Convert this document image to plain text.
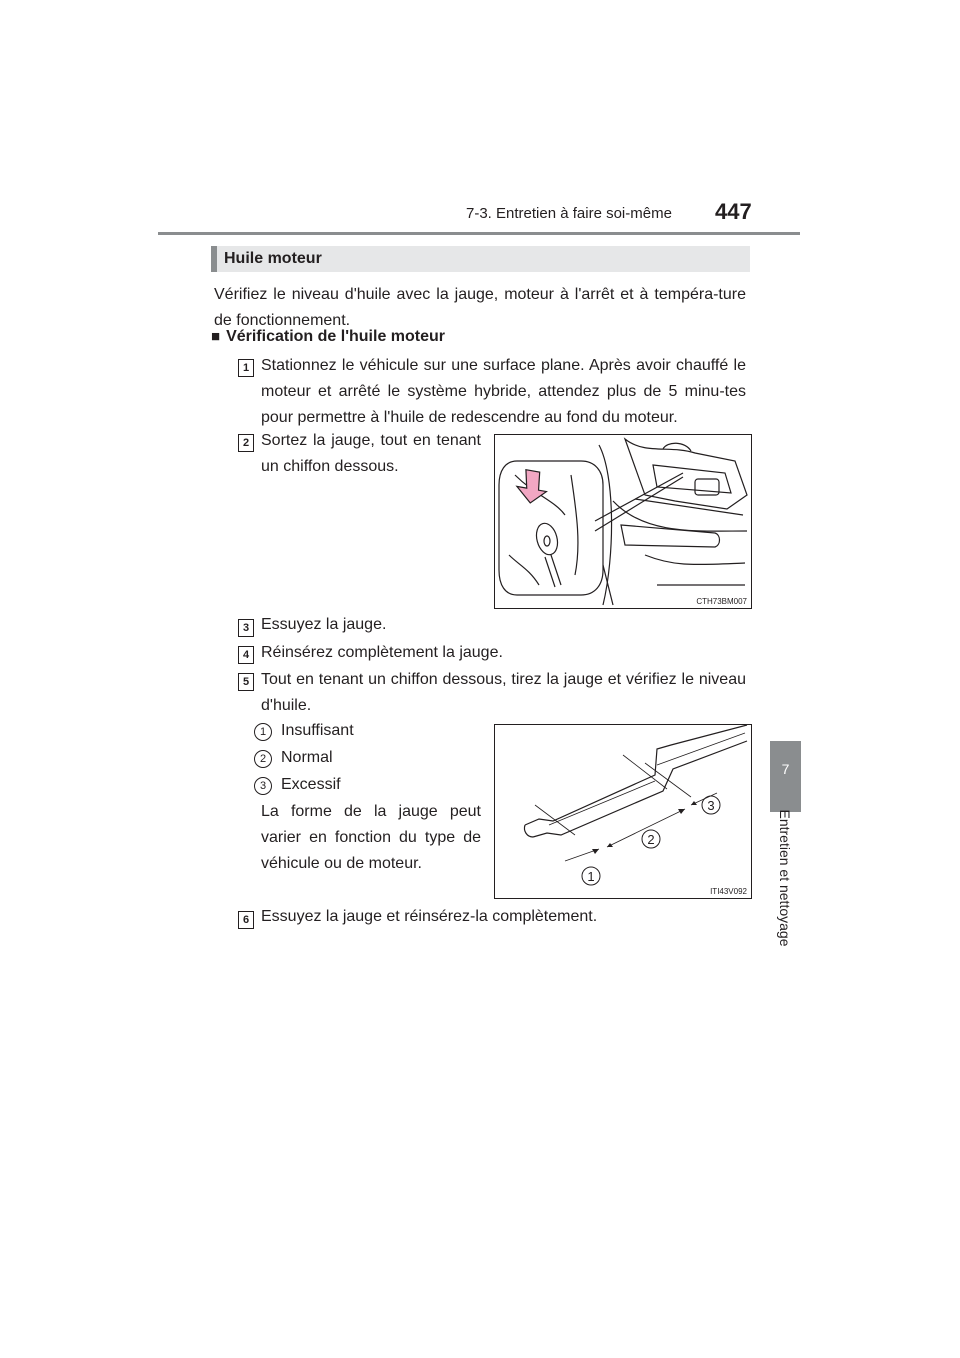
7-3. Entretien à faire soi-même 447
7
Entretien et nettoyage
Huile moteur
Vérifiez le niveau d'huile avec la jauge, moteur à l'arrêt et à tempéra-ture de fonctionnement.
■ Vérification de l'huile moteur
1 Stationnez le véhicule sur une surface plane. Après avoir chauffé le moteur et arrêté le système hybride, attendez plus de 5 minu-tes pour permettre à l'huile de redescendre au fond du moteur.
2 Sortez la jauge, tout en tenant un chiffon dessous.
CTH73BM007
3 Essuyez la jauge.
4 Réinsérez complètement la jauge.
5 Tout en tenant un chiffon dessous, tirez la jauge et vérifiez le niveau d'huile.
1 Insuffisant
2 Normal
3 Excessif
La forme de la jauge peut varier en fonction du type de véhicule ou de moteur.
1
2
3
ITI43V092
6 Essuyez la jauge et réinsérez-la complètement.
